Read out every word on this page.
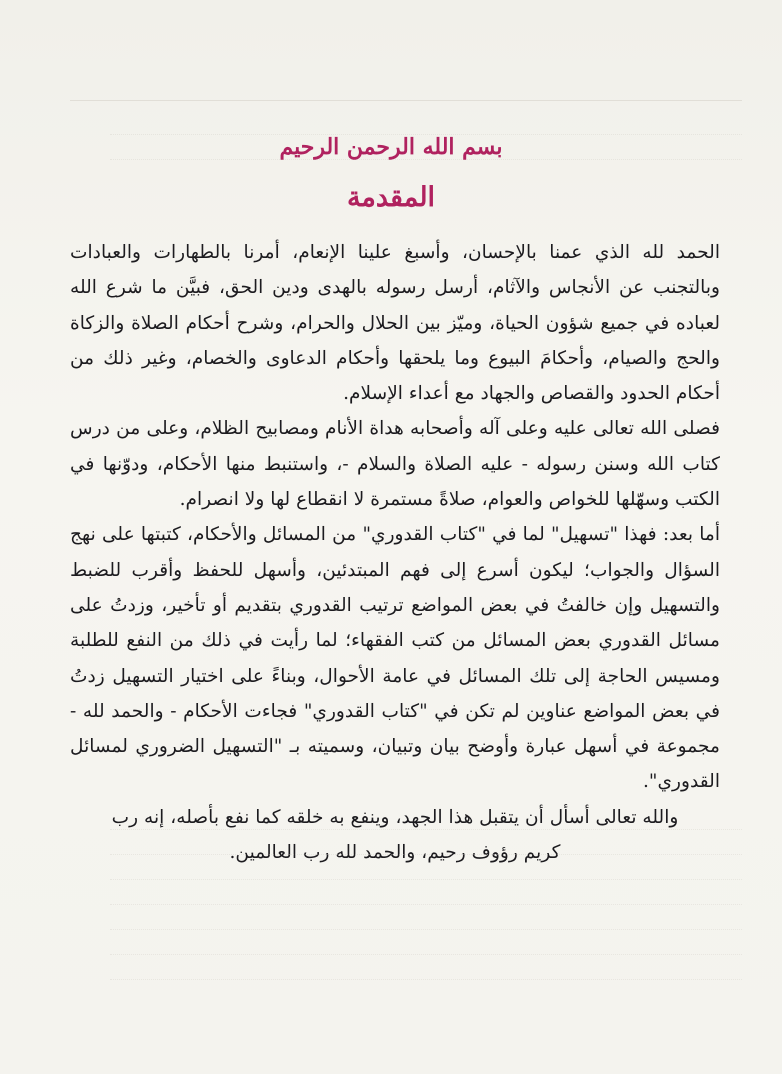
بسم الله الرحمن الرحيم
المقدمة

الحمد لله الذي عمنا بالإحسان، وأسبغ علينا الإنعام، أمرنا بالطهارات والعبادات وبالتجنب عن الأنجاس والآثام، أرسل رسوله بالهدى ودين الحق، فبيَّن ما شرع الله لعباده في جميع شؤون الحياة، وميّز بين الحلال والحرام، وشرح أحكام الصلاة والزكاة والحج والصيام، وأحكامَ البيوع وما يلحقها وأحكام الدعاوى والخصام، وغير ذلك من أحكام الحدود والقصاص والجهاد مع أعداء الإسلام.

فصلى الله تعالى عليه وعلى آله وأصحابه هداة الأنام ومصابيح الظلام، وعلى من درس كتاب الله وسنن رسوله - عليه الصلاة والسلام -، واستنبط منها الأحكام، ودوّنها في الكتب وسهّلها للخواص والعوام، صلاةً مستمرة لا انقطاع لها ولا انصرام.

أما بعد: فهذا "تسهيل" لما في "كتاب القدوري" من المسائل والأحكام، كتبتها على نهج السؤال والجواب؛ ليكون أسرع إلى فهم المبتدئين، وأسهل للحفظ وأقرب للضبط والتسهيل وإن خالفتُ في بعض المواضع ترتيب القدوري بتقديم أو تأخير، وزدتُ على مسائل القدوري بعض المسائل من كتب الفقهاء؛ لما رأيت في ذلك من النفع للطلبة ومسيس الحاجة إلى تلك المسائل في عامة الأحوال، وبناءً على اختيار التسهيل زدتُ في بعض المواضع عناوين لم تكن في "كتاب القدوري" فجاءت الأحكام - والحمد لله - مجموعة في أسهل عبارة وأوضح بيان وتبيان، وسميته بـ "التسهيل الضروري لمسائل القدوري".

والله تعالى أسأل أن يتقبل هذا الجهد، وينفع به خلقه كما نفع بأصله، إنه رب

كريم رؤوف رحيم، والحمد لله رب العالمين.
